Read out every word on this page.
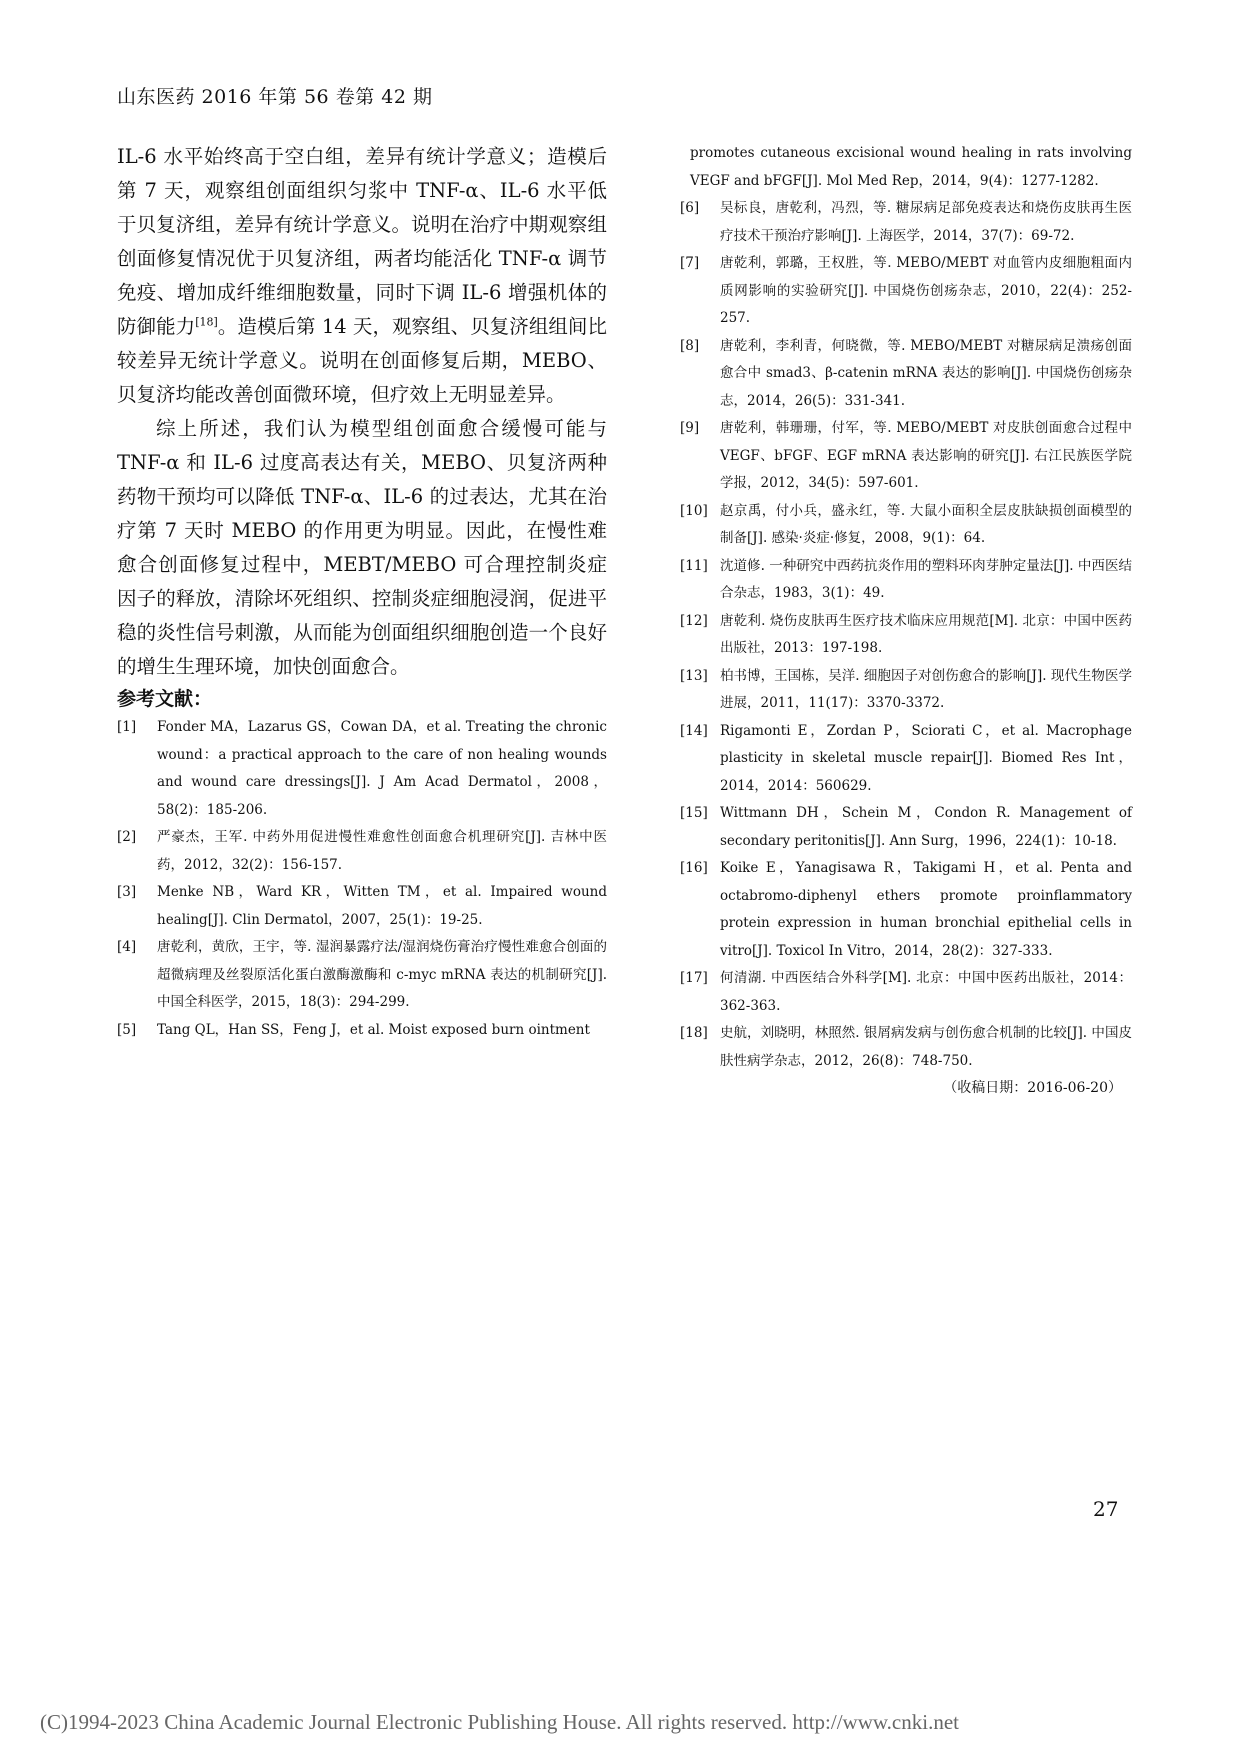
山东医药 2016 年第 56 卷第 42 期

IL-6 水平始终高于空白组，差异有统计学意义；造模后第 7 天，观察组创面组织匀浆中 TNF-α、IL-6 水平低于贝复济组，差异有统计学意义。说明在治疗中期观察组创面修复情况优于贝复济组，两者均能活化 TNF-α 调节免疫、增加成纤维细胞数量，同时下调 IL-6 增强机体的防御能力[18]。造模后第 14 天，观察组、贝复济组组间比较差异无统计学意义。说明在创面修复后期，MEBO、贝复济均能改善创面微环境，但疗效上无明显差异。

综上所述，我们认为模型组创面愈合缓慢可能与 TNF-α 和 IL-6 过度高表达有关，MEBO、贝复济两种药物干预均可以降低 TNF-α、IL-6 的过表达，尤其在治疗第 7 天时 MEBO 的作用更为明显。因此，在慢性难愈合创面修复过程中，MEBT/MEBO 可合理控制炎症因子的释放，清除坏死组织、控制炎症细胞浸润，促进平稳的炎性信号刺激，从而能为创面组织细胞创造一个良好的增生生理环境，加快创面愈合。

参考文献：

[1]	Fonder MA，Lazarus GS，Cowan DA，et al. Treating the chronic wound：a practical approach to the care of non healing wounds and wound care dressings[J]. J Am Acad Dermatol，2008，58(2)：185-206.
[2]	严豪杰，王军. 中药外用促进慢性难愈性创面愈合机理研究[J]. 吉林中医药，2012，32(2)：156-157.
[3]	Menke NB，Ward KR，Witten TM，et al. Impaired wound healing[J]. Clin Dermatol，2007，25(1)：19-25.
[4]	唐乾利，黄欣，王宇，等. 湿润暴露疗法/湿润烧伤膏治疗慢性难愈合创面的超微病理及丝裂原活化蛋白激酶激酶和 c-myc mRNA 表达的机制研究[J]. 中国全科医学，2015，18(3)：294-299.
[5]	Tang QL，Han SS，Feng J，et al. Moist exposed burn ointment
promotes cutaneous excisional wound healing in rats involving VEGF and bFGF[J]. Mol Med Rep，2014，9(4)：1277-1282.
[6]	吴标良，唐乾利，冯烈，等. 糖尿病足部免疫表达和烧伤皮肤再生医疗技术干预治疗影响[J]. 上海医学，2014，37(7)：69-72.
[7]	唐乾利，郭璐，王权胜，等. MEBO/MEBT 对血管内皮细胞粗面内质网影响的实验研究[J]. 中国烧伤创疡杂志，2010，22(4)：252-257.
[8]	唐乾利，李利青，何晓微，等. MEBO/MEBT 对糖尿病足溃疡创面愈合中 smad3、β-catenin mRNA 表达的影响[J]. 中国烧伤创疡杂志，2014，26(5)：331-341.
[9]	唐乾利，韩珊珊，付军，等. MEBO/MEBT 对皮肤创面愈合过程中 VEGF、bFGF、EGF mRNA 表达影响的研究[J]. 右江民族医学院学报，2012，34(5)：597-601.
[10] 赵京禹，付小兵，盛永红，等. 大鼠小面积全层皮肤缺损创面模型的制备[J]. 感染·炎症·修复，2008，9(1)：64.
[11] 沈道修. 一种研究中西药抗炎作用的塑料环肉芽肿定量法[J]. 中西医结合杂志，1983，3(1)：49.
[12] 唐乾利. 烧伤皮肤再生医疗技术临床应用规范[M]. 北京：中国中医药出版社，2013：197-198.
[13] 柏书博，王国栋，吴洋. 细胞因子对创伤愈合的影响[J]. 现代生物医学进展，2011，11(17)：3370-3372.
[14] Rigamonti E，Zordan P，Sciorati C，et al. Macrophage plasticity in skeletal muscle repair[J]. Biomed Res Int，2014，2014：560629.
[15] Wittmann DH，Schein M，Condon R. Management of secondary peritonitis[J]. Ann Surg，1996，224(1)：10-18.
[16] Koike E，Yanagisawa R，Takigami H，et al. Penta and octabromo-diphenyl ethers promote proinflammatory protein expression in human bronchial epithelial cells in vitro[J]. Toxicol In Vitro，2014，28(2)：327-333.
[17] 何清湖. 中西医结合外科学[M]. 北京：中国中医药出版社，2014：362-363.
[18] 史航，刘晓明，林照然. 银屑病发病与创伤愈合机制的比较[J]. 中国皮肤性病学杂志，2012，26(8)：748-750.
（收稿日期：2016-06-20）
27
(C)1994-2023 China Academic Journal Electronic Publishing House. All rights reserved. http://www.cnki.net
